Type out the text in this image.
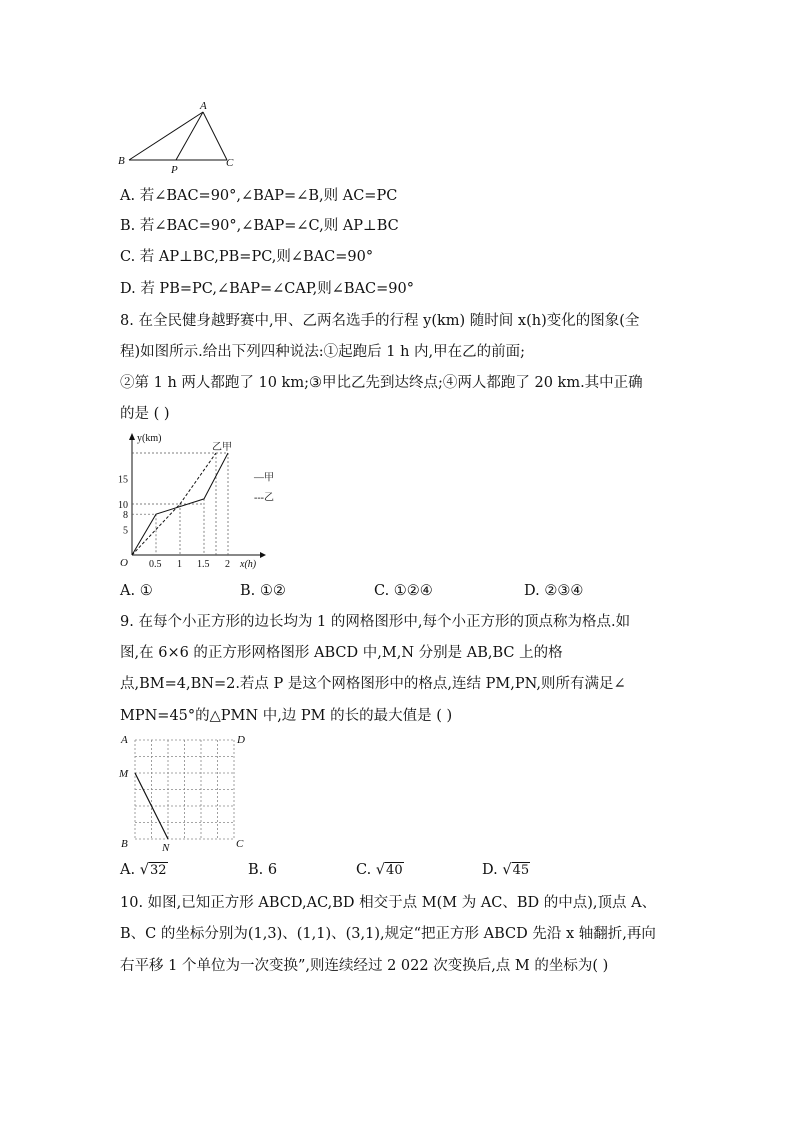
A
B	C
P
A. 若∠BAC=90°,∠BAP=∠B,则 AC=PC
B. 若∠BAC=90°,∠BAP=∠C,则 AP⊥BC
C. 若 AP⊥BC,PB=PC,则∠BAC=90°
D. 若 PB=PC,∠BAP=∠CAP,则∠BAC=90°
8. 在全民健身越野赛中,甲、乙两名选手的行程 y(km) 随时间 x(h)变化的图象(全
程)如图所示.给出下列四种说法:①起跑后 1 h 内,甲在乙的前面;
②第 1 h 两人都跑了 10 km;③甲比乙先到达终点;④两人都跑了 20 km.其中正确
的是 ( )
y(km)
x(h)
O 0.5 1 1.5 2
5
8
10
15
乙甲
—甲
---乙
A. ①	B. ①②	C. ①②④	D. ②③④
9. 在每个小正方形的边长均为 1 的网格图形中,每个小正方形的顶点称为格点.如
图,在 6×6 的正方形网格图形 ABCD 中,M,N 分别是 AB,BC 上的格
点,BM=4,BN=2.若点 P 是这个网格图形中的格点,连结 PM,PN,则所有满足∠
MPN=45°的△PMN 中,边 PM 的长的最大值是 ( )
A	D
M
B	C
N
A. √32	B. 6	C. √40	D. √45
10. 如图,已知正方形 ABCD,AC,BD 相交于点 M(M 为 AC、BD 的中点),顶点 A、
B、C 的坐标分别为(1,3)、(1,1)、(3,1),规定“把正方形 ABCD 先沿 x 轴翻折,再向
右平移 1 个单位为一次变换”,则连续经过 2 022 次变换后,点 M 的坐标为( )
